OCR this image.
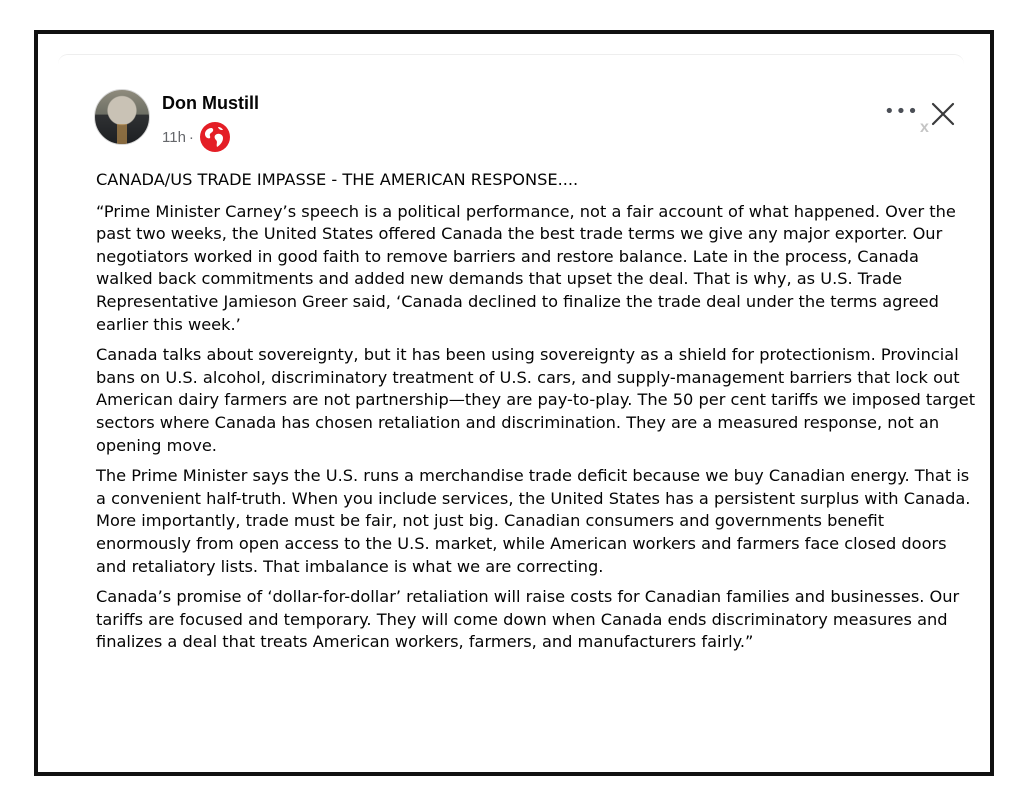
Don Mustill
11h ·
•••
x

CANADA/US TRADE IMPASSE - THE AMERICAN RESPONSE....

“Prime Minister Carney’s speech is a political performance, not a fair account of what happened. Over the past two weeks, the United States offered Canada the best trade terms we give any major exporter. Our negotiators worked in good faith to remove barriers and restore balance. Late in the process, Canada walked back commitments and added new demands that upset the deal. That is why, as U.S. Trade Representative Jamieson Greer said, ‘Canada declined to finalize the trade deal under the terms agreed earlier this week.’

Canada talks about sovereignty, but it has been using sovereignty as a shield for protectionism. Provincial bans on U.S. alcohol, discriminatory treatment of U.S. cars, and supply-management barriers that lock out American dairy farmers are not partnership—they are pay-to-play. The 50 per cent tariffs we imposed target sectors where Canada has chosen retaliation and discrimination. They are a measured response, not an opening move.

The Prime Minister says the U.S. runs a merchandise trade deficit because we buy Canadian energy. That is a convenient half-truth. When you include services, the United States has a persistent surplus with Canada. More importantly, trade must be fair, not just big. Canadian consumers and governments benefit enormously from open access to the U.S. market, while American workers and farmers face closed doors and retaliatory lists. That imbalance is what we are correcting.

Canada’s promise of ‘dollar-for-dollar’ retaliation will raise costs for Canadian families and businesses. Our tariffs are focused and temporary. They will come down when Canada ends discriminatory measures and finalizes a deal that treats American workers, farmers, and manufacturers fairly.”
